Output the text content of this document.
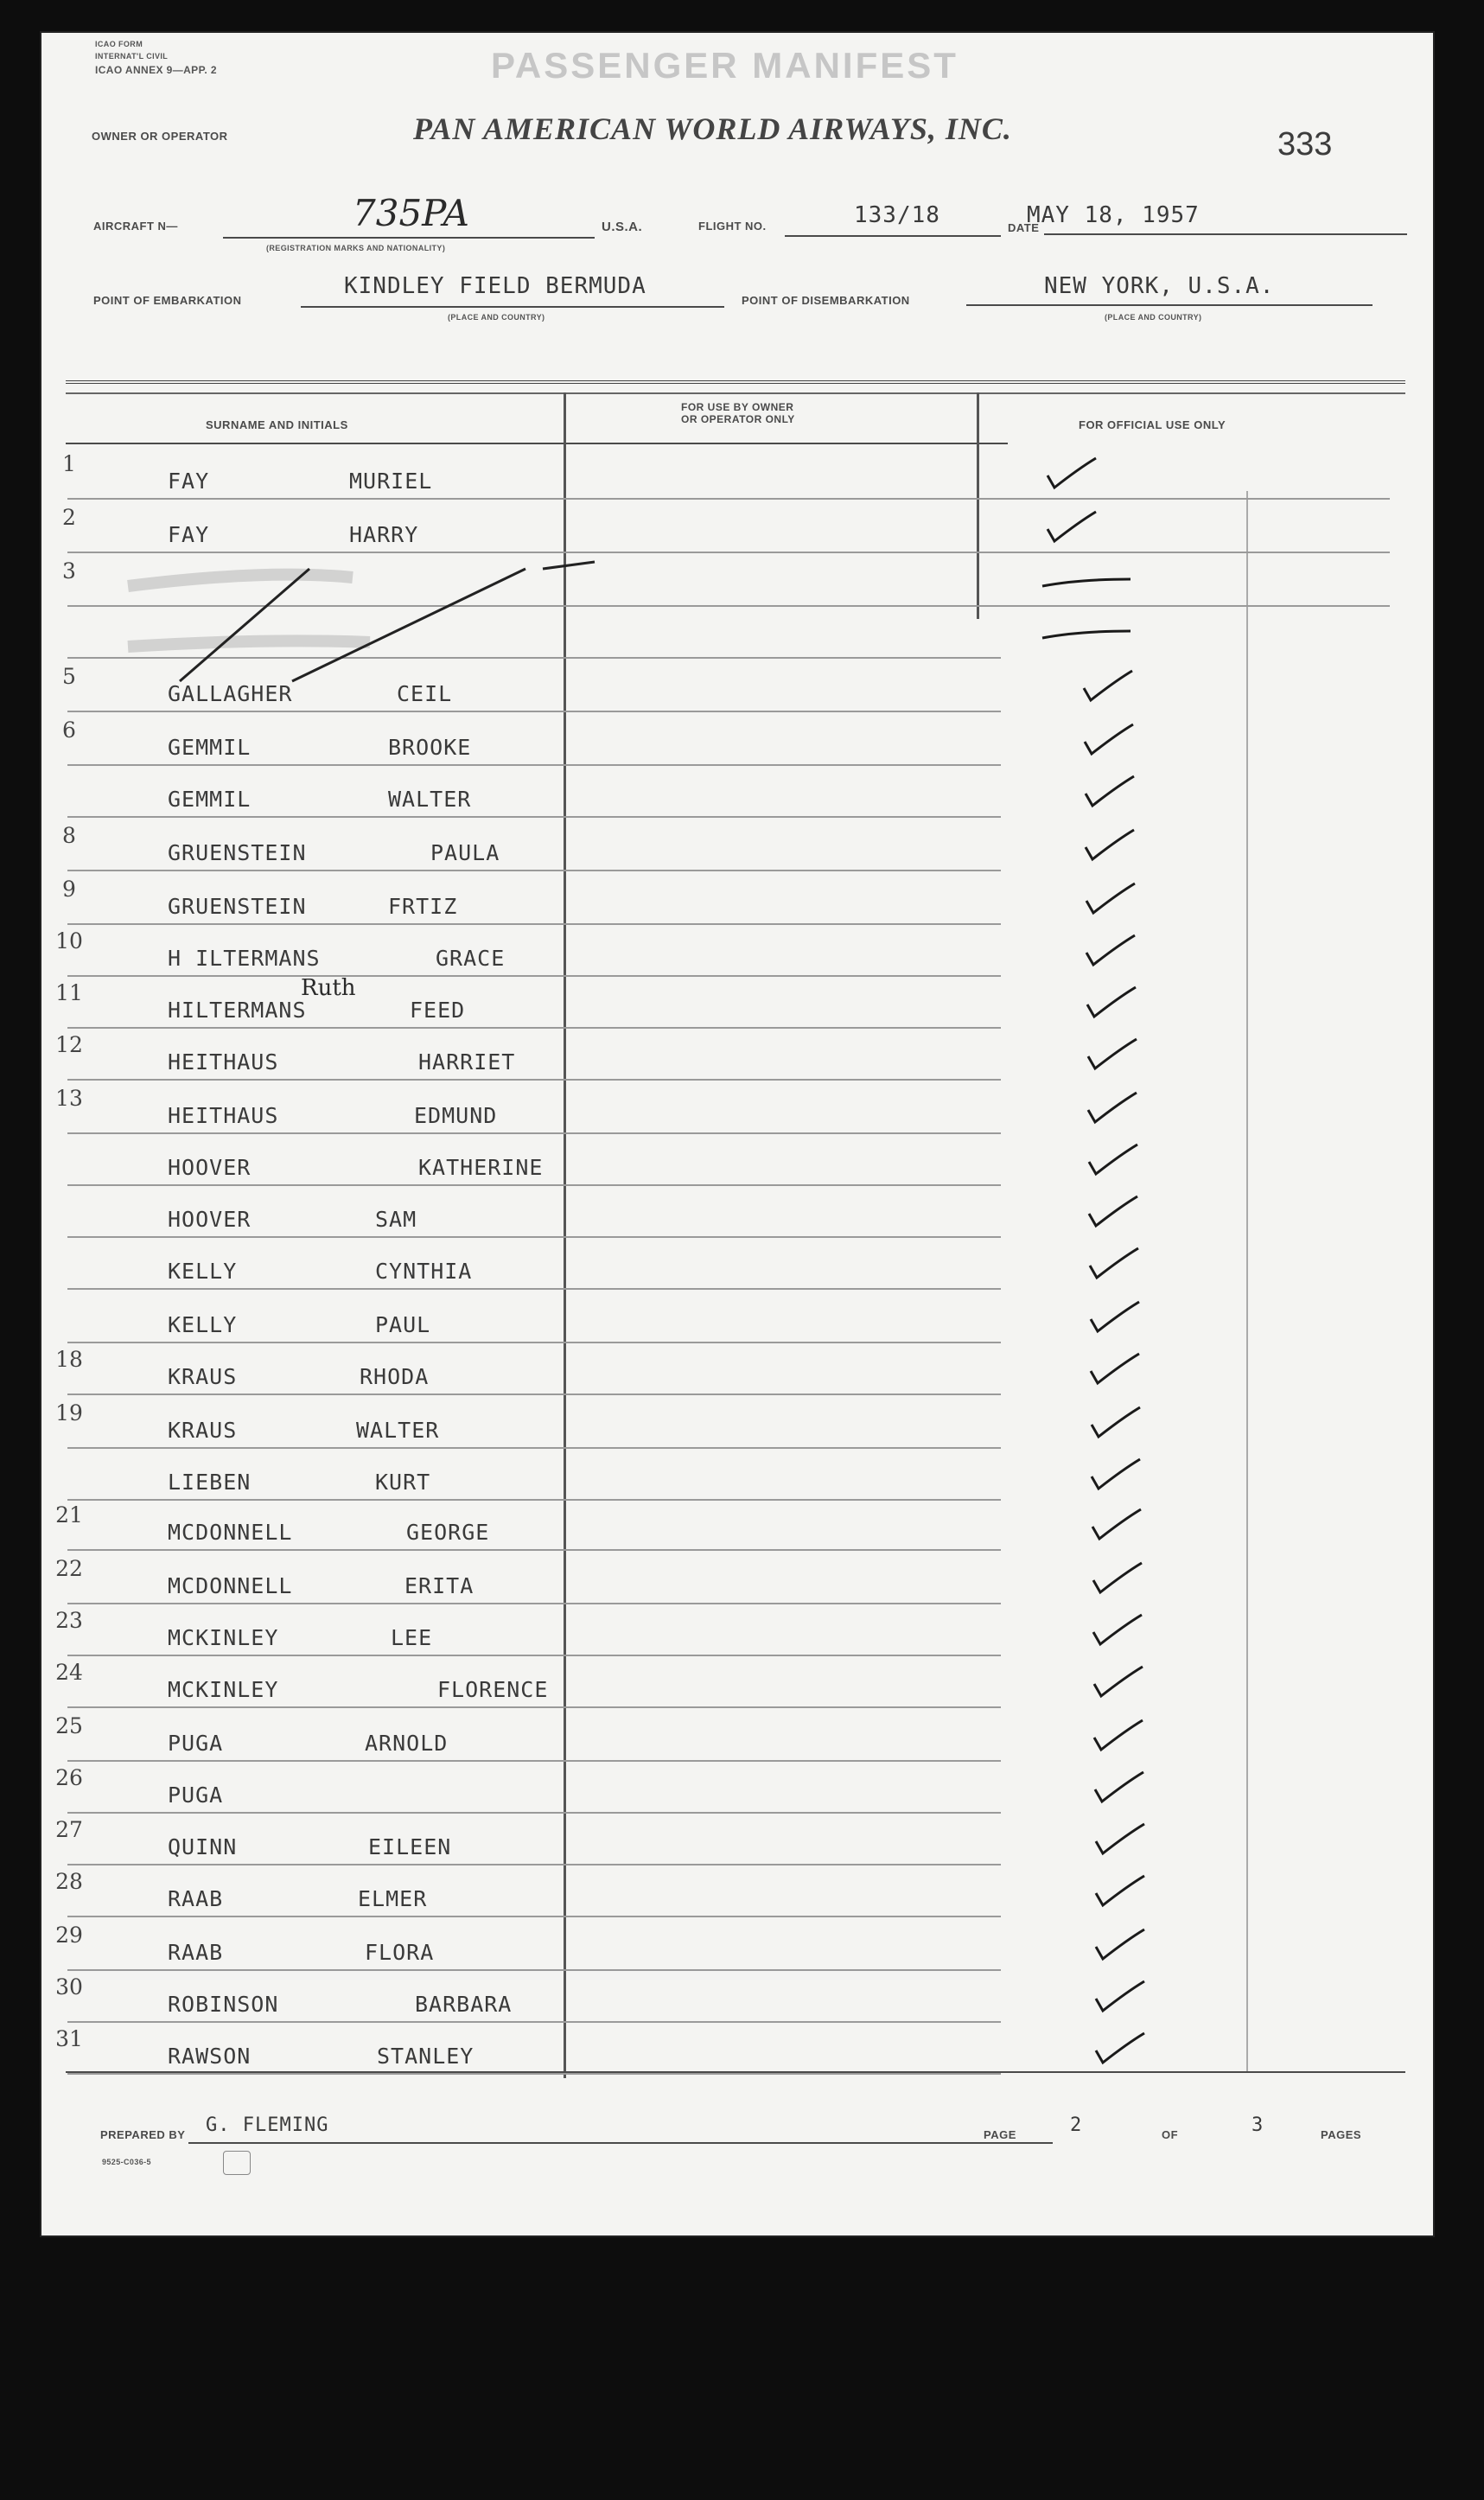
ICAO FORM
INTERNAT'L CIVIL
ICAO ANNEX 9—APP. 2	PASSENGER MANIFEST
OWNER OR OPERATOR	PAN AMERICAN WORLD AIRWAYS, INC.	333
AIRCRAFT N—	735PA
(REGISTRATION MARKS AND NATIONALITY)
U.S.A.	FLIGHT NO.	133/18	DATE
MAY 18, 1957
POINT OF EMBARKATION
KINDLEY FIELD BERMUDA
(PLACE AND COUNTRY)
POINT OF DISEMBARKATION
NEW YORK, U.S.A.
(PLACE AND COUNTRY)
SURNAME AND INITIALS
FOR USE BY OWNER
OR OPERATOR ONLY	FOR OFFICIAL USE ONLY
1
FAY	MURIEL
2
FAY	HARRY
3
5
GALLAGHER	CEIL
6
GEMMIL	BROOKE
GEMMIL	WALTER
8
GRUENSTEIN	PAULA
9
GRUENSTEIN	FRTIZ
10
H ILTERMANS	GRACE
11
HILTERMANS	FEED
12
HEITHAUS	HARRIET
13
HEITHAUS	EDMUND
HOOVER	KATHERINE
HOOVER	SAM
KELLY	CYNTHIA
KELLY	PAUL
18
KRAUS	RHODA
19
KRAUS	WALTER
LIEBEN	KURT
21
MCDONNELL	GEORGE
22
MCDONNELL	ERITA
23
MCKINLEY	LEE
24
MCKINLEY	FLORENCE
25
PUGA	ARNOLD
26
PUGA
27
QUINN	EILEEN
28
RAAB	ELMER
29
RAAB	FLORA
30
ROBINSON	BARBARA
31
RAWSON	STANLEY
Ruth
PREPARED BY G. FLEMING	PAGE	2	OF	3	PAGES
9525-C036-5
